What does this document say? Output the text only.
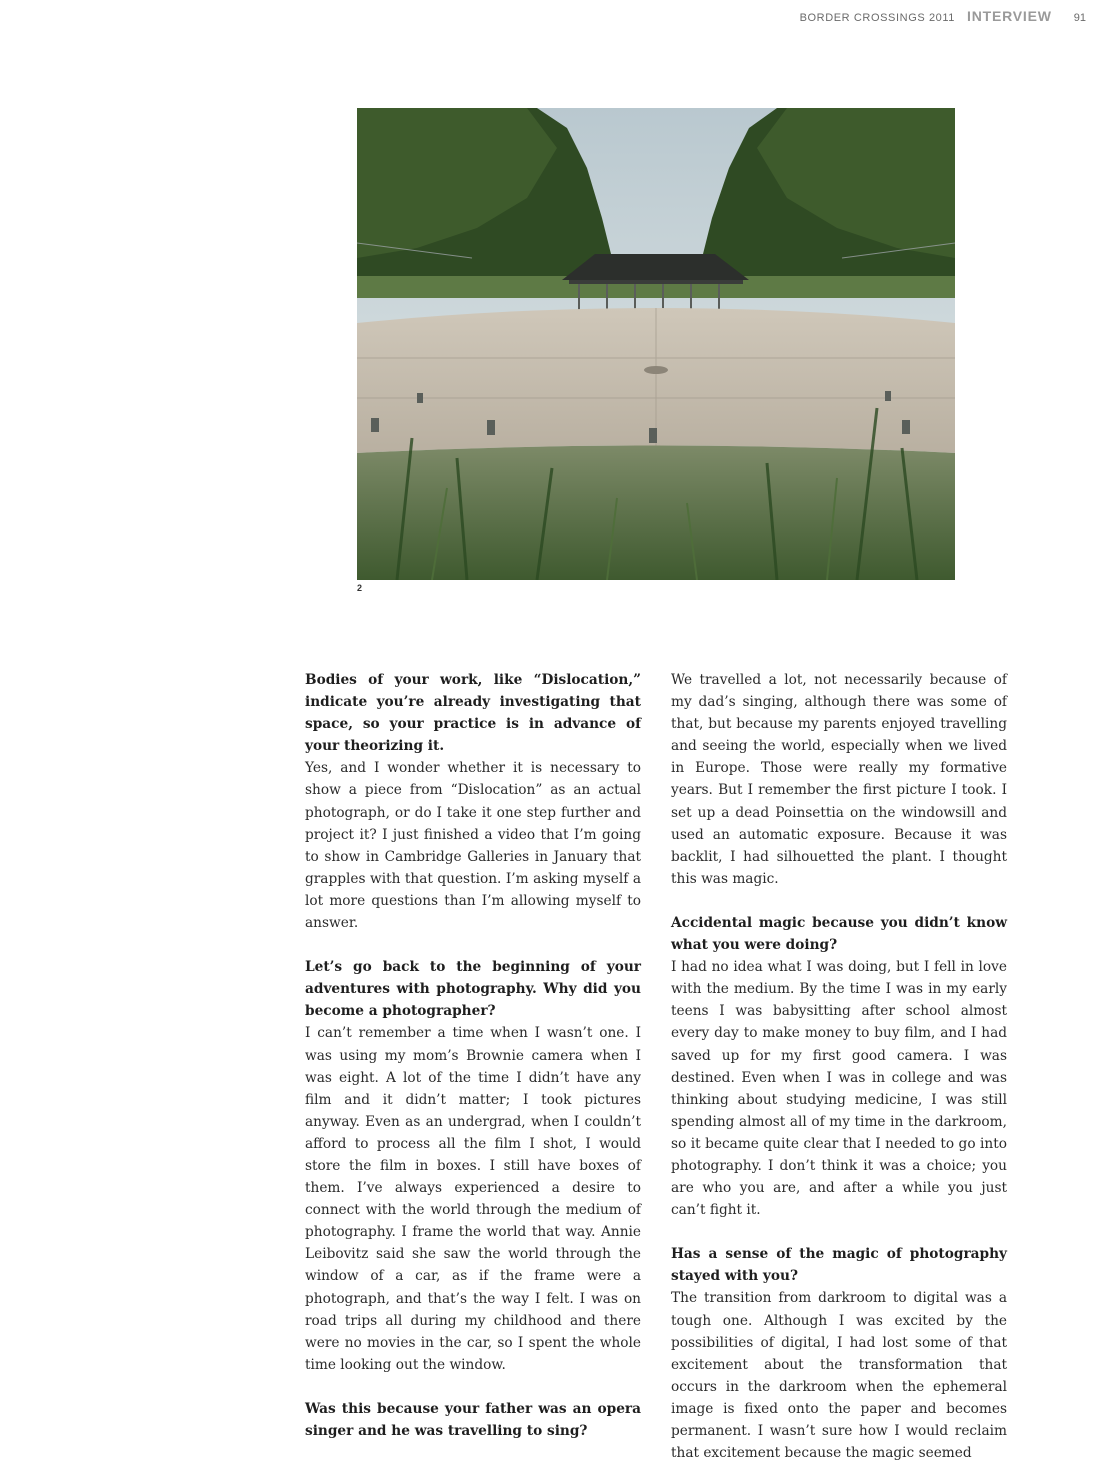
BORDER CROSSINGS 2011 INTERVIEW 91
2

Bodies of your work, like “Dislocation,” indicate you’re already investigating that space, so your practice is in advance of your theorizing it.

Yes, and I wonder whether it is necessary to show a piece from “Dislocation” as an actual photograph, or do I take it one step further and project it? I just finished a video that I’m going to show in Cambridge Galleries in January that grapples with that question. I’m asking myself a lot more questions than I’m allowing myself to answer.

Let’s go back to the beginning of your adventures with photography. Why did you become a photographer?

I can’t remember a time when I wasn’t one. I was using my mom’s Brownie camera when I was eight. A lot of the time I didn’t have any film and it didn’t matter; I took pictures anyway. Even as an undergrad, when I couldn’t afford to process all the film I shot, I would store the film in boxes. I still have boxes of them. I’ve always experienced a desire to connect with the world through the medium of photography. I frame the world that way. Annie Leibovitz said she saw the world through the window of a car, as if the frame were a photograph, and that’s the way I felt. I was on road trips all during my childhood and there were no movies in the car, so I spent the whole time looking out the window.

Was this because your father was an opera singer and he was travelling to sing?

We travelled a lot, not necessarily because of my dad’s singing, although there was some of that, but because my parents enjoyed travelling and seeing the world, especially when we lived in Europe. Those were really my formative years. But I remember the first picture I took. I set up a dead Poinsettia on the windowsill and used an automatic exposure. Because it was backlit, I had silhouetted the plant. I thought this was magic.

Accidental magic because you didn’t know what you were doing?

I had no idea what I was doing, but I fell in love with the medium. By the time I was in my early teens I was babysitting after school almost every day to make money to buy film, and I had saved up for my first good camera. I was destined. Even when I was in college and was thinking about studying medicine, I was still spending almost all of my time in the darkroom, so it became quite clear that I needed to go into photography. I don’t think it was a choice; you are who you are, and after a while you just can’t fight it.

Has a sense of the magic of photography stayed with you?

The transition from darkroom to digital was a tough one. Although I was excited by the possibilities of digital, I had lost some of that excitement about the transformation that occurs in the darkroom when the ephemeral image is fixed onto the paper and becomes permanent. I wasn’t sure how I would reclaim that excitement because the magic seemed
